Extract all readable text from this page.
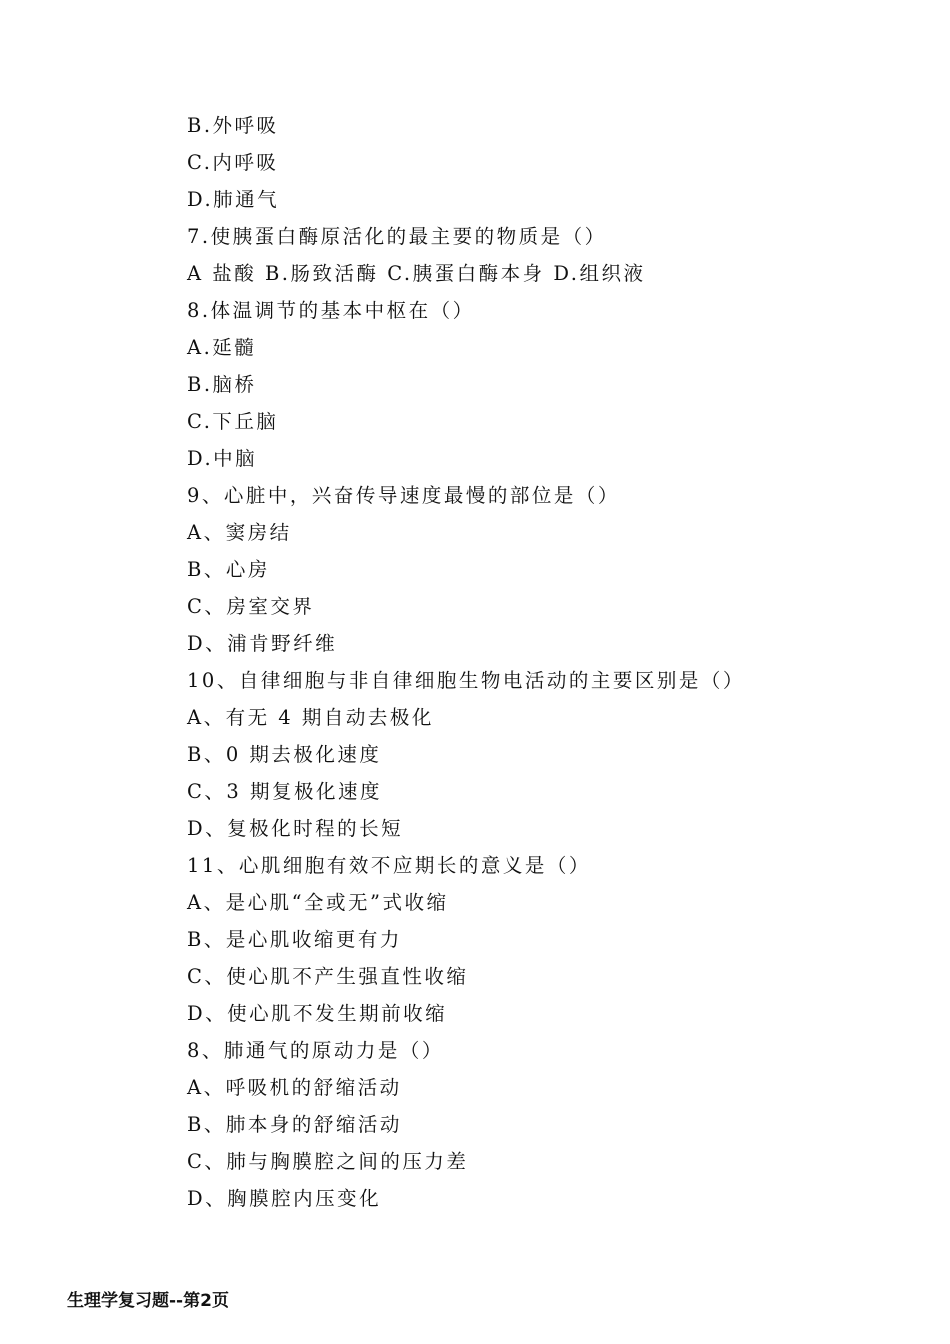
B.外呼吸
C.内呼吸
D.肺通气
7.使胰蛋白酶原活化的最主要的物质是（）
A 盐酸 B.肠致活酶 C.胰蛋白酶本身 D.组织液
8.体温调节的基本中枢在（）
A.延髓
B.脑桥
C.下丘脑
D.中脑
9、心脏中，兴奋传导速度最慢的部位是（）
A、窦房结
B、心房
C、房室交界
D、浦肯野纤维
10、自律细胞与非自律细胞生物电活动的主要区别是（）
A、有无 4 期自动去极化
B、0 期去极化速度
C、3 期复极化速度
D、复极化时程的长短
11、心肌细胞有效不应期长的意义是（）
A、是心肌“全或无”式收缩
B、是心肌收缩更有力
C、使心肌不产生强直性收缩
D、使心肌不发生期前收缩
8、肺通气的原动力是（）
A、呼吸机的舒缩活动
B、肺本身的舒缩活动
C、肺与胸膜腔之间的压力差
D、胸膜腔内压变化
生理学复习题--第2页
